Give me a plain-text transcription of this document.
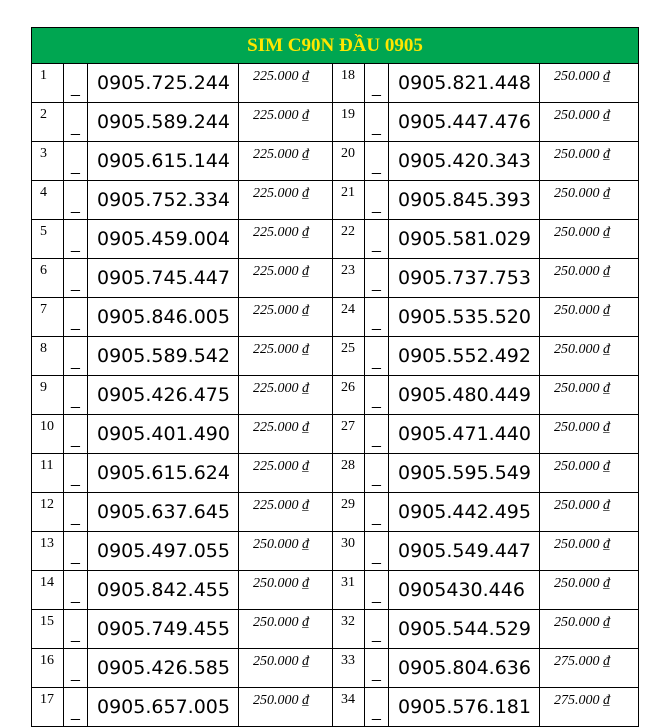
SIM C90N ĐẦU 0905							
1	_	0905.725.244	225.000 ₫	18	_	0905.821.448	250.000 ₫
2	_	0905.589.244	225.000 ₫	19	_	0905.447.476	250.000 ₫
3	_	0905.615.144	225.000 ₫	20	_	0905.420.343	250.000 ₫
4	_	0905.752.334	225.000 ₫	21	_	0905.845.393	250.000 ₫
5	_	0905.459.004	225.000 ₫	22	_	0905.581.029	250.000 ₫
6	_	0905.745.447	225.000 ₫	23	_	0905.737.753	250.000 ₫
7	_	0905.846.005	225.000 ₫	24	_	0905.535.520	250.000 ₫
8	_	0905.589.542	225.000 ₫	25	_	0905.552.492	250.000 ₫
9	_	0905.426.475	225.000 ₫	26	_	0905.480.449	250.000 ₫
10	_	0905.401.490	225.000 ₫	27	_	0905.471.440	250.000 ₫
11	_	0905.615.624	225.000 ₫	28	_	0905.595.549	250.000 ₫
12	_	0905.637.645	225.000 ₫	29	_	0905.442.495	250.000 ₫
13	_	0905.497.055	250.000 ₫	30	_	0905.549.447	250.000 ₫
14	_	0905.842.455	250.000 ₫	31	_	0905430.446	250.000 ₫
15	_	0905.749.455	250.000 ₫	32	_	0905.544.529	250.000 ₫
16	_	0905.426.585	250.000 ₫	33	_	0905.804.636	275.000 ₫
17	_	0905.657.005	250.000 ₫	34	_	0905.576.181	275.000 ₫
